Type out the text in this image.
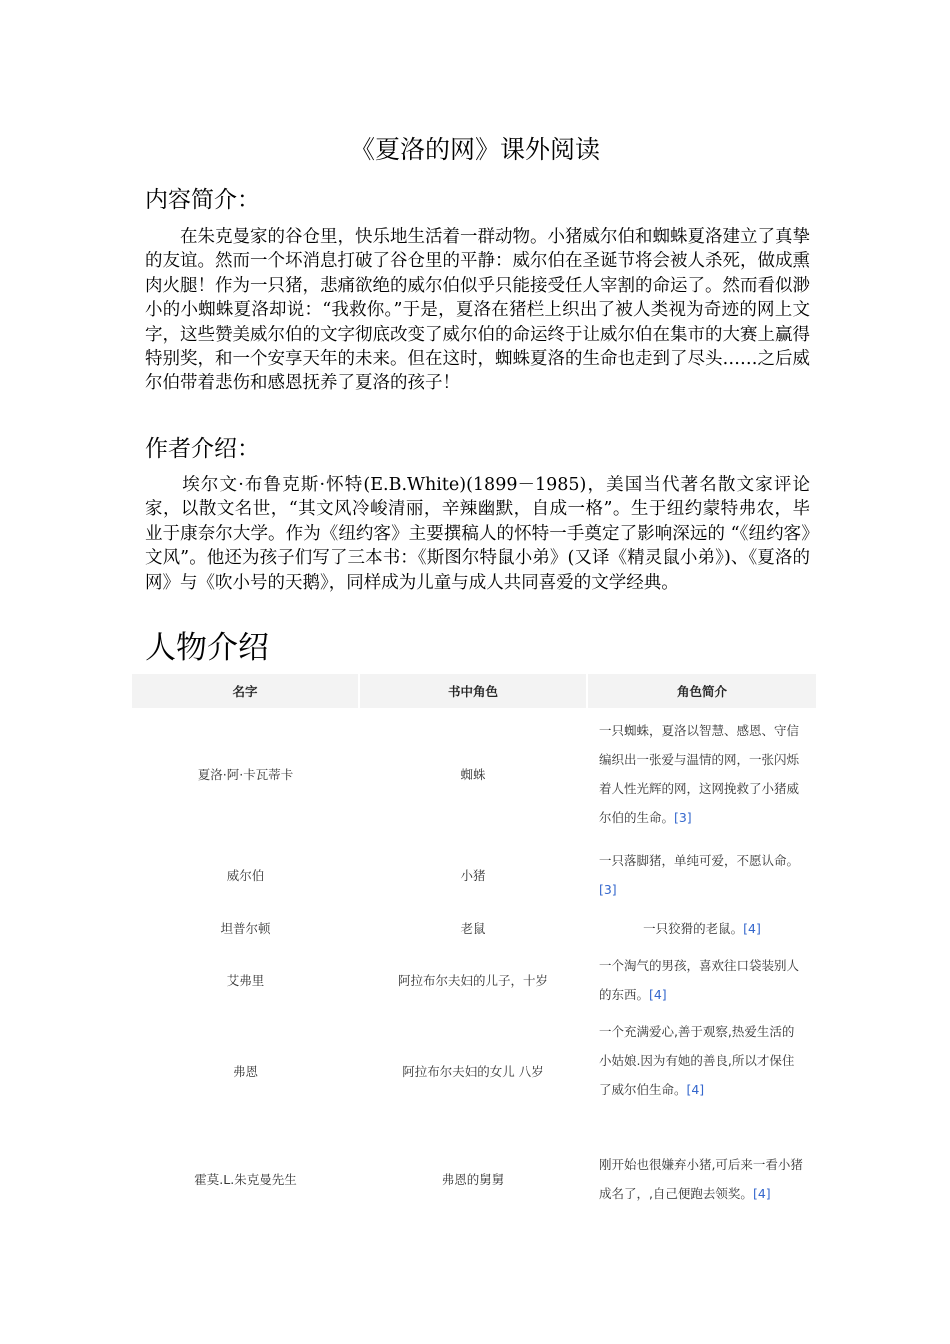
《夏洛的网》课外阅读
内容简介：

　　在朱克曼家的谷仓里，快乐地生活着一群动物。小猪威尔伯和蜘蛛夏洛建立了真挚的友谊。然而一个坏消息打破了谷仓里的平静：威尔伯在圣诞节将会被人杀死，做成熏肉火腿！作为一只猪，悲痛欲绝的威尔伯似乎只能接受任人宰割的命运了。然而看似渺小的小蜘蛛夏洛却说：“我救你。”于是，夏洛在猪栏上织出了被人类视为奇迹的网上文字，这些赞美威尔伯的文字彻底改变了威尔伯的命运终于让威尔伯在集市的大赛上赢得特别奖，和一个安享天年的未来。但在这时，蜘蛛夏洛的生命也走到了尽头……之后威尔伯带着悲伤和感恩抚养了夏洛的孩子！

作者介绍：

　　埃尔文·布鲁克斯·怀特(E.B.White)(1899－1985)，美国当代著名散文家评论家，以散文名世，“其文风冷峻清丽，辛辣幽默，自成一格”。生于纽约蒙特弗农，毕业于康奈尔大学。作为《纽约客》主要撰稿人的怀特一手奠定了影响深远的 “《纽约客》文风”。他还为孩子们写了三本书：《斯图尔特鼠小弟》(又译《精灵鼠小弟》)、《夏洛的网》与《吹小号的天鹅》，同样成为儿童与成人共同喜爱的文学经典。

人物介绍
名字	书中角色	角色简介
夏洛·阿·卡瓦蒂卡	蜘蛛	一只蜘蛛，夏洛以智慧、感恩、守信编织出一张爱与温情的网，一张闪烁着人性光辉的网，这网挽救了小猪威尔伯的生命。[3]
威尔伯	小猪	一只落脚猪，单纯可爱，不愿认命。[3]
坦普尔顿	老鼠	一只狡猾的老鼠。[4]
艾弗里	阿拉布尔夫妇的儿子，十岁	一个淘气的男孩，喜欢往口袋装别人的东西。[4]
弗恩	阿拉布尔夫妇的女儿 八岁	一个充满爱心,善于观察,热爱生活的小姑娘.因为有她的善良,所以才保住了威尔伯生命。[4]
霍莫.L.朱克曼先生	弗恩的舅舅	刚开始也很嫌弃小猪,可后来一看小猪成名了，,自己便跑去领奖。[4]
